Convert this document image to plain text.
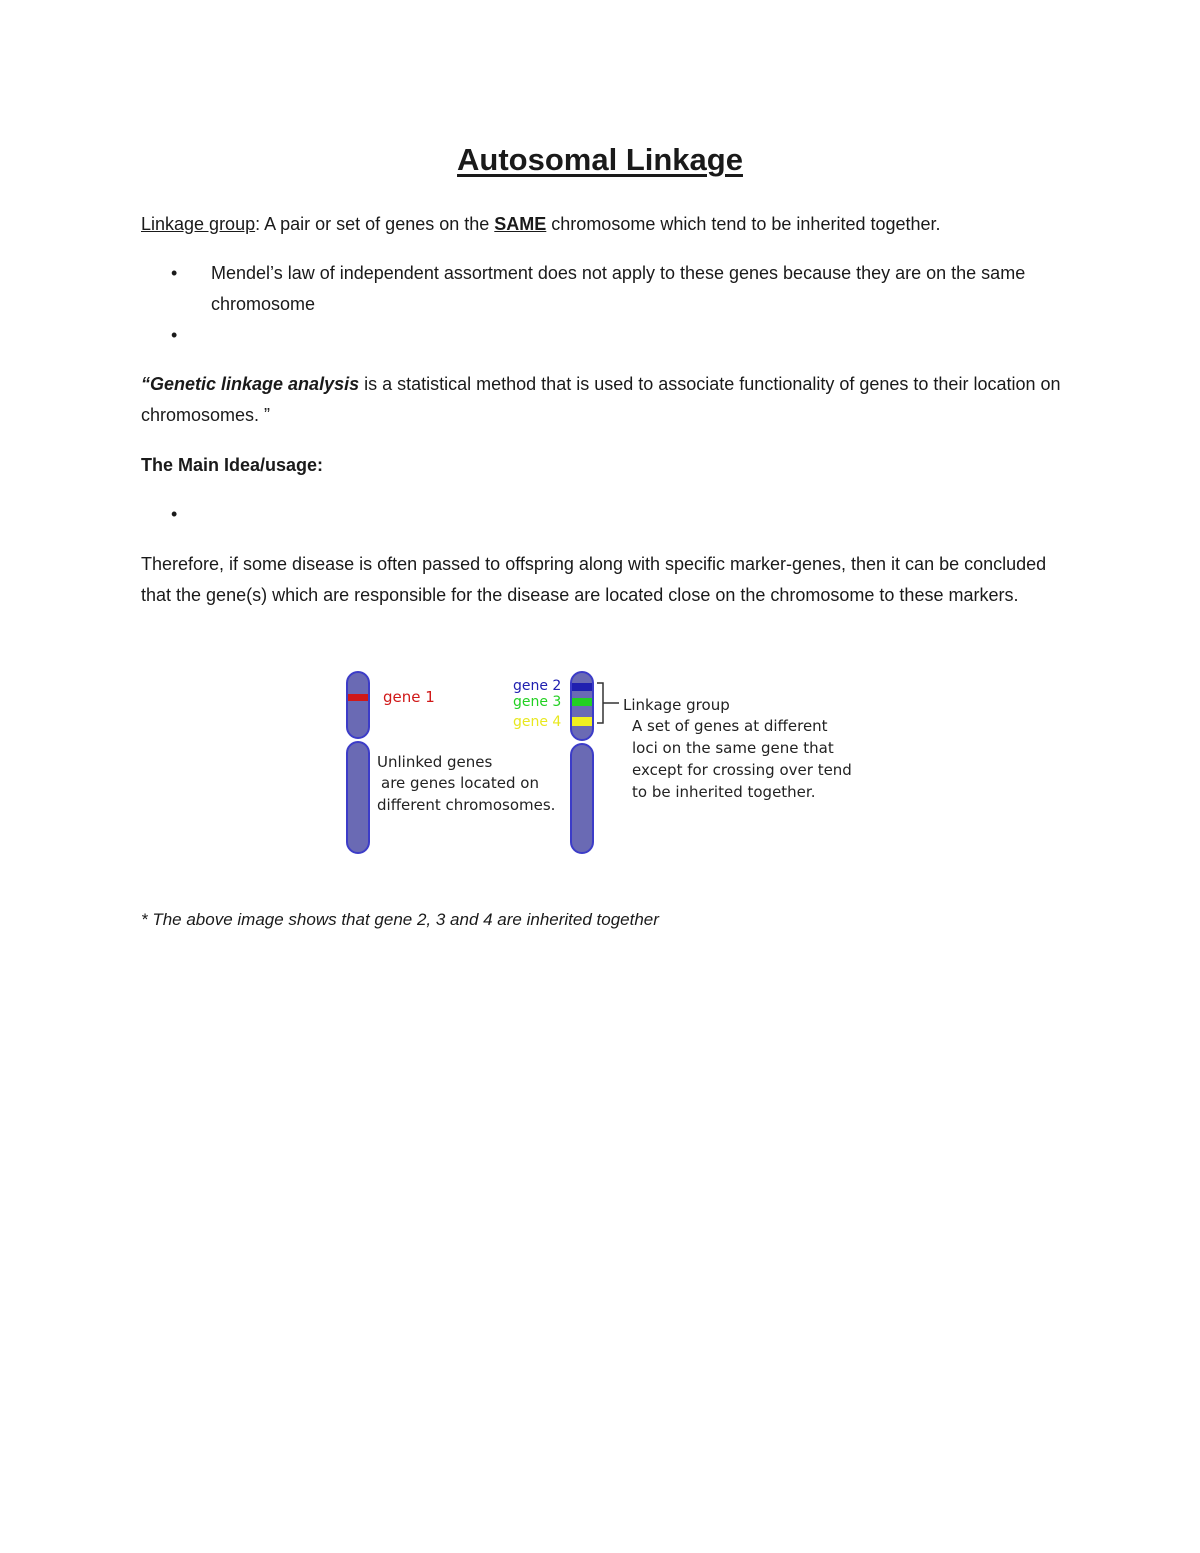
Autosomal Linkage

Linkage group: A pair or set of genes on the SAME chromosome which tend to be inherited together.

•	Mendel’s law of independent assortment does not apply to these genes because they are on the same chromosome

•

“Genetic linkage analysis is a statistical method that is used to associate functionality of genes to their location on chromosomes. ”

The Main Idea/usage:

•

Therefore, if some disease is often passed to offspring along with specific marker-genes, then it can be concluded that the gene(s) which are responsible for the disease are located close on the chromosome to these markers.

gene 1
gene 2
gene 3
gene 4
Unlinked genes
are genes located on
different chromosomes.
Linkage group
A set of genes at different
loci on the same gene that
except for crossing over tend
to be inherited together.

* The above image shows that gene 2, 3 and 4 are inherited together
